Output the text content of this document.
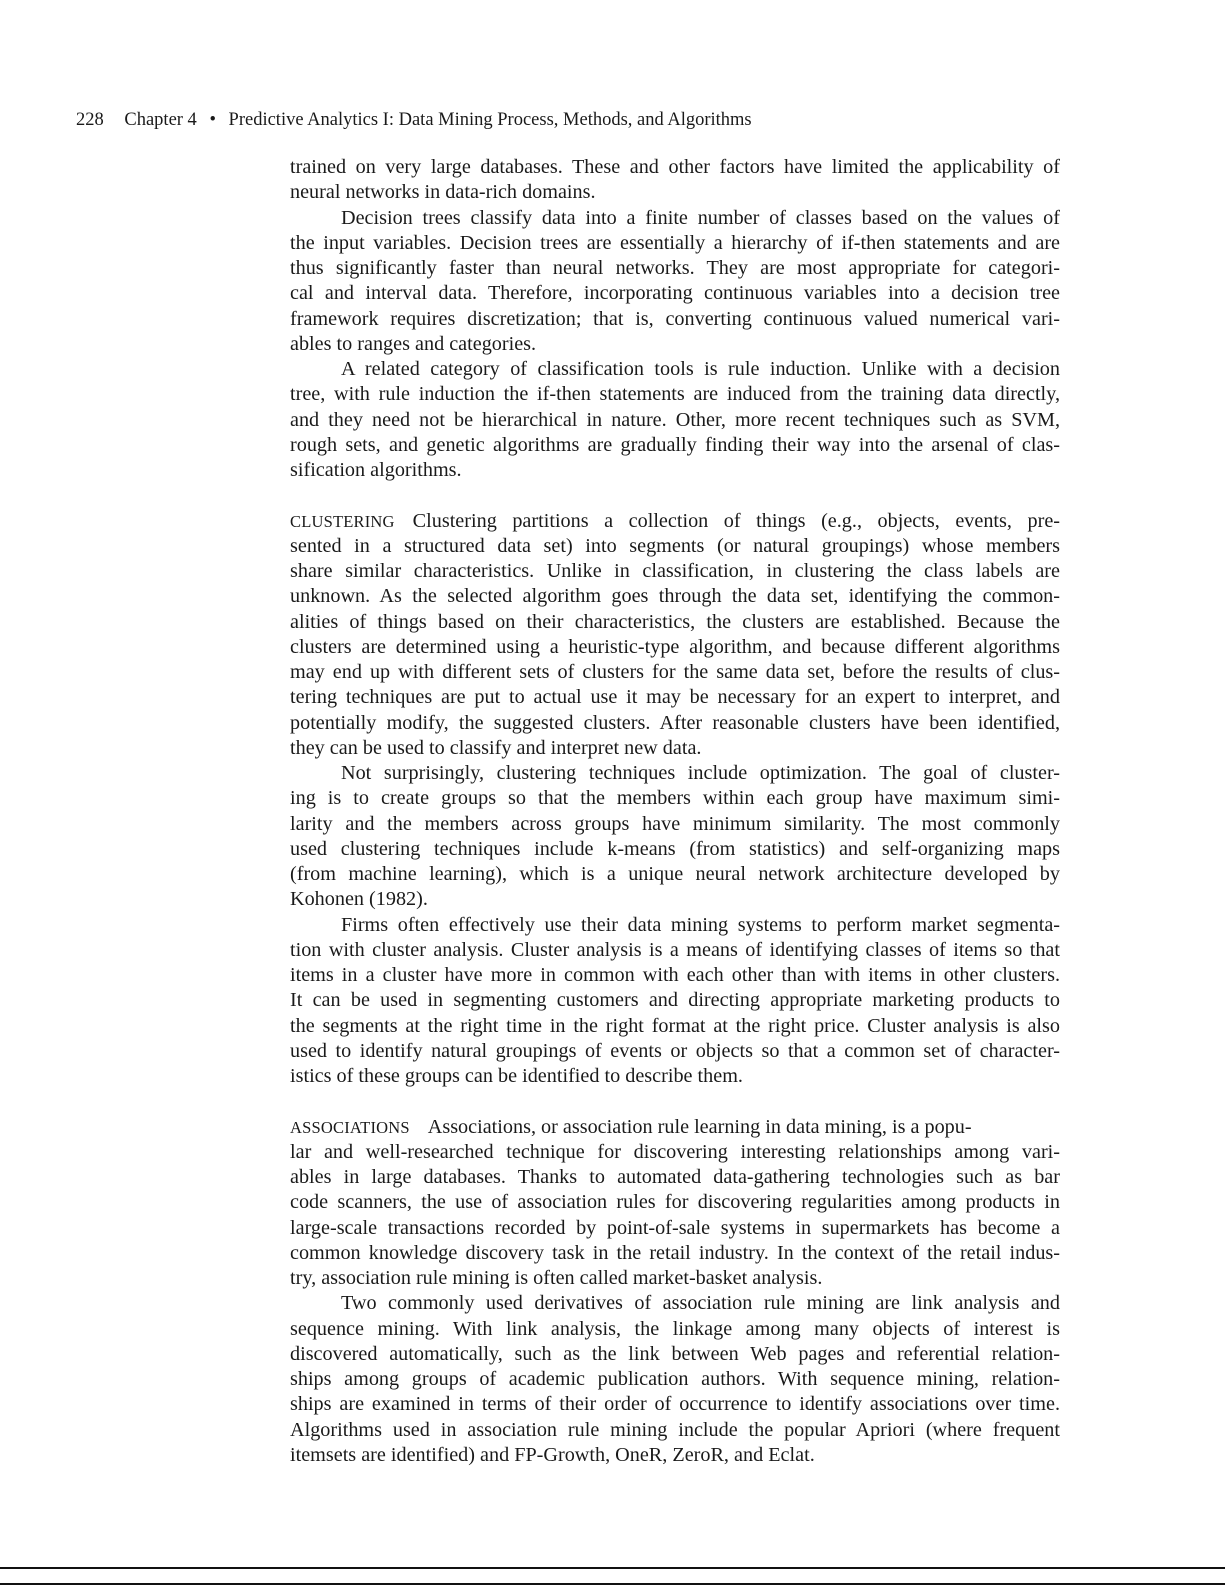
228 Chapter 4 • Predictive Analytics I: Data Mining Process, Methods, and Algorithms
trained on very large databases. These and other factors have limited the applicability of
neural networks in data-rich domains.
Decision trees classify data into a finite number of classes based on the values of
the input variables. Decision trees are essentially a hierarchy of if-then statements and are
thus significantly faster than neural networks. They are most appropriate for categori-
cal and interval data. Therefore, incorporating continuous variables into a decision tree
framework requires discretization; that is, converting continuous valued numerical vari-
ables to ranges and categories.
A related category of classification tools is rule induction. Unlike with a decision
tree, with rule induction the if-then statements are induced from the training data directly,
and they need not be hierarchical in nature. Other, more recent techniques such as SVM,
rough sets, and genetic algorithms are gradually finding their way into the arsenal of clas-
sification algorithms.
CLUSTERING Clustering partitions a collection of things (e.g., objects, events, pre-
sented in a structured data set) into segments (or natural groupings) whose members
share similar characteristics. Unlike in classification, in clustering the class labels are
unknown. As the selected algorithm goes through the data set, identifying the common-
alities of things based on their characteristics, the clusters are established. Because the
clusters are determined using a heuristic-type algorithm, and because different algorithms
may end up with different sets of clusters for the same data set, before the results of clus-
tering techniques are put to actual use it may be necessary for an expert to interpret, and
potentially modify, the suggested clusters. After reasonable clusters have been identified,
they can be used to classify and interpret new data.
Not surprisingly, clustering techniques include optimization. The goal of cluster-
ing is to create groups so that the members within each group have maximum simi-
larity and the members across groups have minimum similarity. The most commonly
used clustering techniques include k-means (from statistics) and self-organizing maps
(from machine learning), which is a unique neural network architecture developed by
Kohonen (1982).
Firms often effectively use their data mining systems to perform market segmenta-
tion with cluster analysis. Cluster analysis is a means of identifying classes of items so that
items in a cluster have more in common with each other than with items in other clusters.
It can be used in segmenting customers and directing appropriate marketing products to
the segments at the right time in the right format at the right price. Cluster analysis is also
used to identify natural groupings of events or objects so that a common set of character-
istics of these groups can be identified to describe them.
ASSOCIATIONS Associations, or association rule learning in data mining, is a popu-
lar and well-researched technique for discovering interesting relationships among vari-
ables in large databases. Thanks to automated data-gathering technologies such as bar
code scanners, the use of association rules for discovering regularities among products in
large-scale transactions recorded by point-of-sale systems in supermarkets has become a
common knowledge discovery task in the retail industry. In the context of the retail indus-
try, association rule mining is often called market-basket analysis.
Two commonly used derivatives of association rule mining are link analysis and
sequence mining. With link analysis, the linkage among many objects of interest is
discovered automatically, such as the link between Web pages and referential relation-
ships among groups of academic publication authors. With sequence mining, relation-
ships are examined in terms of their order of occurrence to identify associations over time.
Algorithms used in association rule mining include the popular Apriori (where frequent
itemsets are identified) and FP-Growth, OneR, ZeroR, and Eclat.
